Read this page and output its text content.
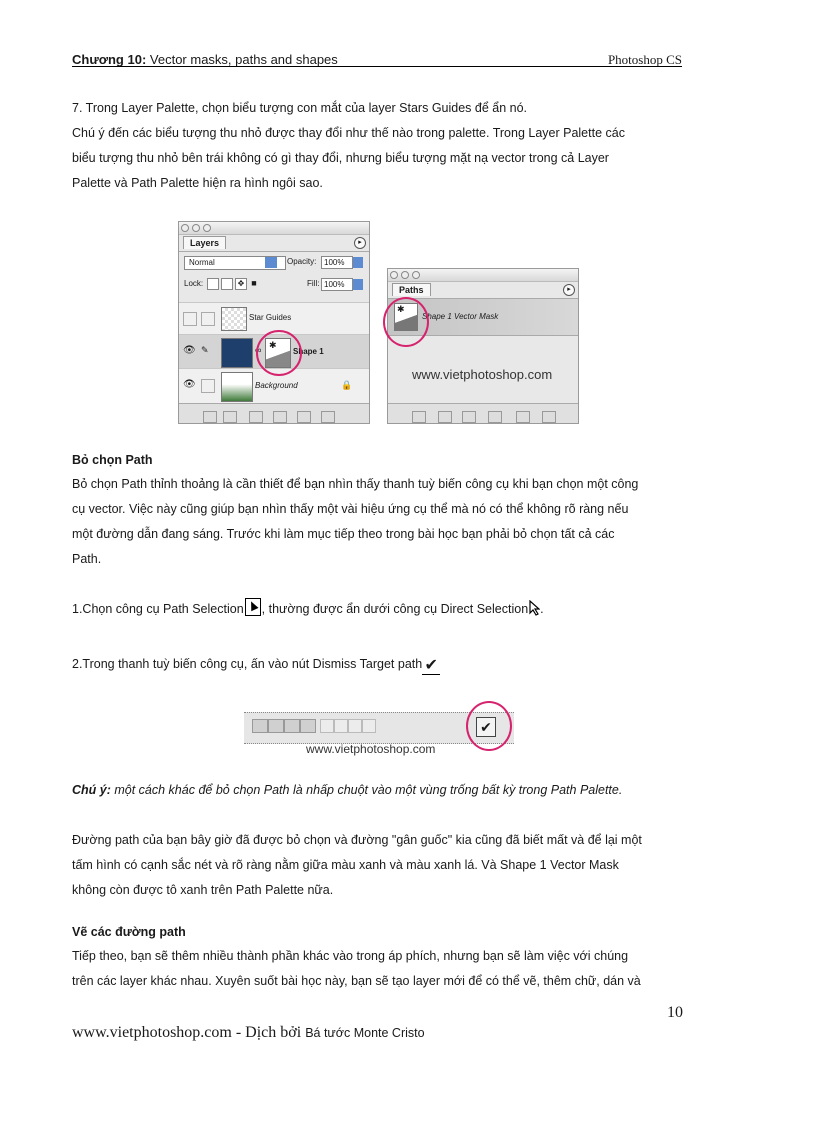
Chương 10: Vector masks, paths and shapes	Photoshop CS
7. Trong Layer Palette, chọn biểu tượng con mắt của layer Stars Guides để ẩn nó.
Chú ý đến các biểu tượng thu nhỏ được thay đổi như thế nào trong palette. Trong Layer Palette các
biểu tượng thu nhỏ bên trái không có gì thay đổi, nhưng biểu tượng mặt nạ vector trong cả Layer
Palette và Path Palette hiện ra hình ngôi sao.
Layers	▸
Normal	Opacity: 100%
Lock:	✥ ■	Fill: 100%
Star Guides
👁 ✎	∞ ✱
Shape 1
👁	Background	🔒
Paths	▸
✱
Shape 1 Vector Mask
www.vietphotoshop.com
Bỏ chọn Path
Bỏ chọn Path thỉnh thoảng là cần thiết để bạn nhìn thấy thanh tuỳ biến công cụ khi bạn chọn một công
cụ vector. Việc này cũng giúp bạn nhìn thấy một vài hiệu ứng cụ thể mà nó có thể không rõ ràng nếu
một đường dẫn đang sáng. Trước khi làm mục tiếp theo trong bài học bạn phải bỏ chọn tất cả các
Path.
1.Chọn công cụ Path Selection , thường được ẩn dưới công cụ Direct Selection .
2.Trong thanh tuỳ biến công cụ, ấn vào nút Dismiss Target path ✔
✔
www.vietphotoshop.com
Chú ý: một cách khác để bỏ chọn Path là nhấp chuột vào một vùng trống bất kỳ trong Path Palette.
Đường path của bạn bây giờ đã được bỏ chọn và đường "gân guốc" kia cũng đã biết mất và để lại một
tấm hình có cạnh sắc nét và rõ ràng nằm giữa màu xanh và màu xanh lá. Và Shape 1 Vector Mask
không còn được tô xanh trên Path Palette nữa.
Vẽ các đường path
Tiếp theo, bạn sẽ thêm nhiều thành phần khác vào trong áp phích, nhưng bạn sẽ làm việc với chúng
trên các layer khác nhau. Xuyên suốt bài học này, bạn sẽ tạo layer mới để có thể vẽ, thêm chữ, dán và
10
www.vietphotoshop.com - Dịch bởi Bá tước Monte Cristo
